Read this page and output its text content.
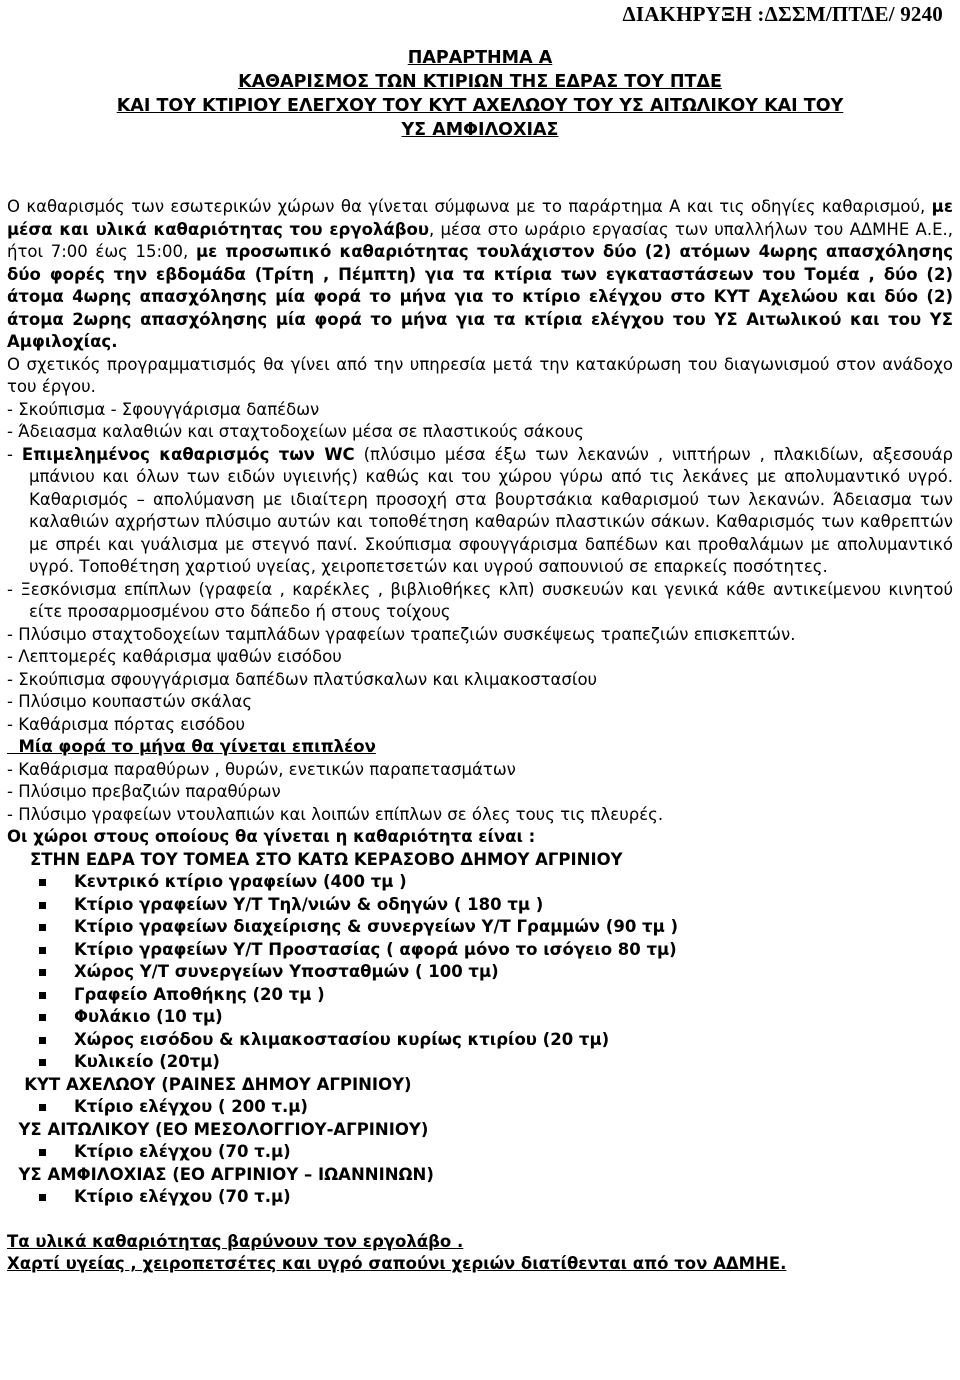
ΔΙΑΚΗΡΥΞΗ :ΔΣΣΜ/ΠΤΔΕ/ 9240
ΠΑΡΑΡΤΗΜΑ Α
ΚΑΘΑΡΙΣΜΟΣ ΤΩΝ ΚΤΙΡΙΩΝ ΤΗΣ ΕΔΡΑΣ ΤΟΥ ΠΤΔΕ
ΚΑΙ ΤΟΥ ΚΤΙΡΙΟΥ ΕΛΕΓΧΟΥ ΤΟΥ ΚΥΤ ΑΧΕΛΩΟΥ ΤΟΥ ΥΣ ΑΙΤΩΛΙΚΟΥ ΚΑΙ ΤΟΥ
ΥΣ ΑΜΦΙΛΟΧΙΑΣ

Ο καθαρισμός των εσωτερικών χώρων θα γίνεται σύμφωνα με το παράρτημα Α και τις οδηγίες καθαρισμού, με μέσα και υλικά καθαριότητας του εργολάβου, μέσα στο ωράριο εργασίας των υπαλλήλων του ΑΔΜΗΕ Α.Ε., ήτοι 7:00 έως 15:00, με προσωπικό καθαριότητας τουλάχιστον δύο (2) ατόμων 4ωρης απασχόλησης δύο φορές την εβδομάδα (Τρίτη , Πέμπτη) για τα κτίρια των εγκαταστάσεων του Τομέα , δύο (2) άτομα 4ωρης απασχόλησης μία φορά το μήνα για το κτίριο ελέγχου στο ΚΥΤ Αχελώου και δύο (2) άτομα 2ωρης απασχόλησης μία φορά το μήνα για τα κτίρια ελέγχου του ΥΣ Αιτωλικού και του ΥΣ Αμφιλοχίας.

Ο σχετικός προγραμματισμός θα γίνει από την υπηρεσία μετά την κατακύρωση του διαγωνισμού στον ανάδοχο του έργου.

- Σκούπισμα - Σφουγγάρισμα δαπέδων

- Άδειασμα καλαθιών και σταχτοδοχείων μέσα σε πλαστικούς σάκους

- Επιμελημένος καθαρισμός των WC (πλύσιμο μέσα έξω των λεκανών , νιπτήρων , πλακιδίων, αξεσουάρ μπάνιου και όλων των ειδών υγιεινής) καθώς και του χώρου γύρω από τις λεκάνες με απολυμαντικό υγρό. Καθαρισμός – απολύμανση με ιδιαίτερη προσοχή στα βουρτσάκια καθαρισμού των λεκανών. Άδειασμα των καλαθιών αχρήστων πλύσιμο αυτών και τοποθέτηση καθαρών πλαστικών σάκων. Καθαρισμός των καθρεπτών με σπρέι και γυάλισμα με στεγνό πανί. Σκούπισμα σφουγγάρισμα δαπέδων και προθαλάμων με απολυμαντικό υγρό. Τοποθέτηση χαρτιού υγείας, χειροπετσετών και υγρού σαπουνιού σε επαρκείς ποσότητες.

- Ξεσκόνισμα επίπλων (γραφεία , καρέκλες , βιβλιοθήκες κλπ) συσκευών και γενικά κάθε αντικείμενου κινητού είτε προσαρμοσμένου στο δάπεδο ή στους τοίχους

- Πλύσιμο σταχτοδοχείων ταμπλάδων γραφείων τραπεζιών συσκέψεως τραπεζιών επισκεπτών.

- Λεπτομερές καθάρισμα ψαθών εισόδου

- Σκούπισμα σφουγγάρισμα δαπέδων πλατύσκαλων και κλιμακοστασίου

- Πλύσιμο κουπαστών σκάλας

- Καθάρισμα πόρτας εισόδου

Μία φορά το μήνα θα γίνεται επιπλέον

- Καθάρισμα παραθύρων , θυρών, ενετικών παραπετασμάτων

- Πλύσιμο πρεβαζιών παραθύρων

- Πλύσιμο γραφείων ντουλαπιών και λοιπών επίπλων σε όλες τους τις πλευρές.

Οι χώροι στους οποίους θα γίνεται η καθαριότητα είναι :

ΣΤΗΝ ΕΔΡΑ ΤΟΥ ΤΟΜΕΑ ΣΤΟ ΚΑΤΩ ΚΕΡΑΣΟΒΟ ΔΗΜΟΥ ΑΓΡΙΝΙΟΥ

Κεντρικό κτίριο γραφείων (400 τμ )
Κτίριο γραφείων Υ/Τ Τηλ/νιών & οδηγών ( 180 τμ )
Κτίριο γραφείων διαχείρισης & συνεργείων Υ/Τ Γραμμών (90 τμ )
Κτίριο γραφείων Υ/Τ Προστασίας ( αφορά μόνο το ισόγειο 80 τμ)
Χώρος Υ/Τ συνεργείων Υποσταθμών ( 100 τμ)
Γραφείο Αποθήκης (20 τμ )
Φυλάκιο (10 τμ)
Χώρος εισόδου & κλιμακοστασίου κυρίως κτιρίου (20 τμ)
Κυλικείο (20τμ)

ΚΥΤ ΑΧΕΛΩΟΥ (ΡΑΙΝΕΣ ΔΗΜΟΥ ΑΓΡΙΝΙΟΥ)

Κτίριο ελέγχου ( 200 τ.μ)

ΥΣ ΑΙΤΩΛΙΚΟΥ (ΕΟ ΜΕΣΟΛΟΓΓΙΟΥ-ΑΓΡΙΝΙΟΥ)

Κτίριο ελέγχου (70 τ.μ)

ΥΣ ΑΜΦΙΛΟΧΙΑΣ (ΕΟ ΑΓΡΙΝΙΟΥ – ΙΩΑΝΝΙΝΩΝ)

Κτίριο ελέγχου (70 τ.μ)

Τα υλικά καθαριότητας βαρύνουν τον εργολάβο .

Χαρτί υγείας , χειροπετσέτες και υγρό σαπούνι χεριών διατίθενται από τον ΑΔΜΗΕ.
